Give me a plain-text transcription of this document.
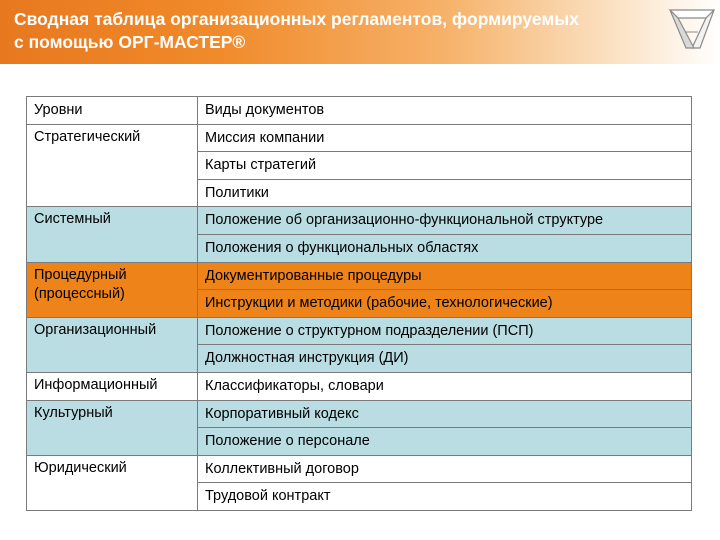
Сводная таблица организационных регламентов, формируемых
с помощью ОРГ-МАСТЕР®
Уровни	Виды документов

Стратегический	Миссия компании
	Карты стратегий
	Политики

Системный	Положение об организационно-функциональной структуре
	Положения о функциональных областях

Процедурный (процессный)	Документированные процедуры
	Инструкции и методики (рабочие, технологические)

Организационный	Положение о структурном подразделении (ПСП)
	Должностная инструкция (ДИ)

Информационный	Классификаторы, словари

Культурный	Корпоративный кодекс
	Положение о персонале

Юридический	Коллективный договор
	Трудовой контракт
